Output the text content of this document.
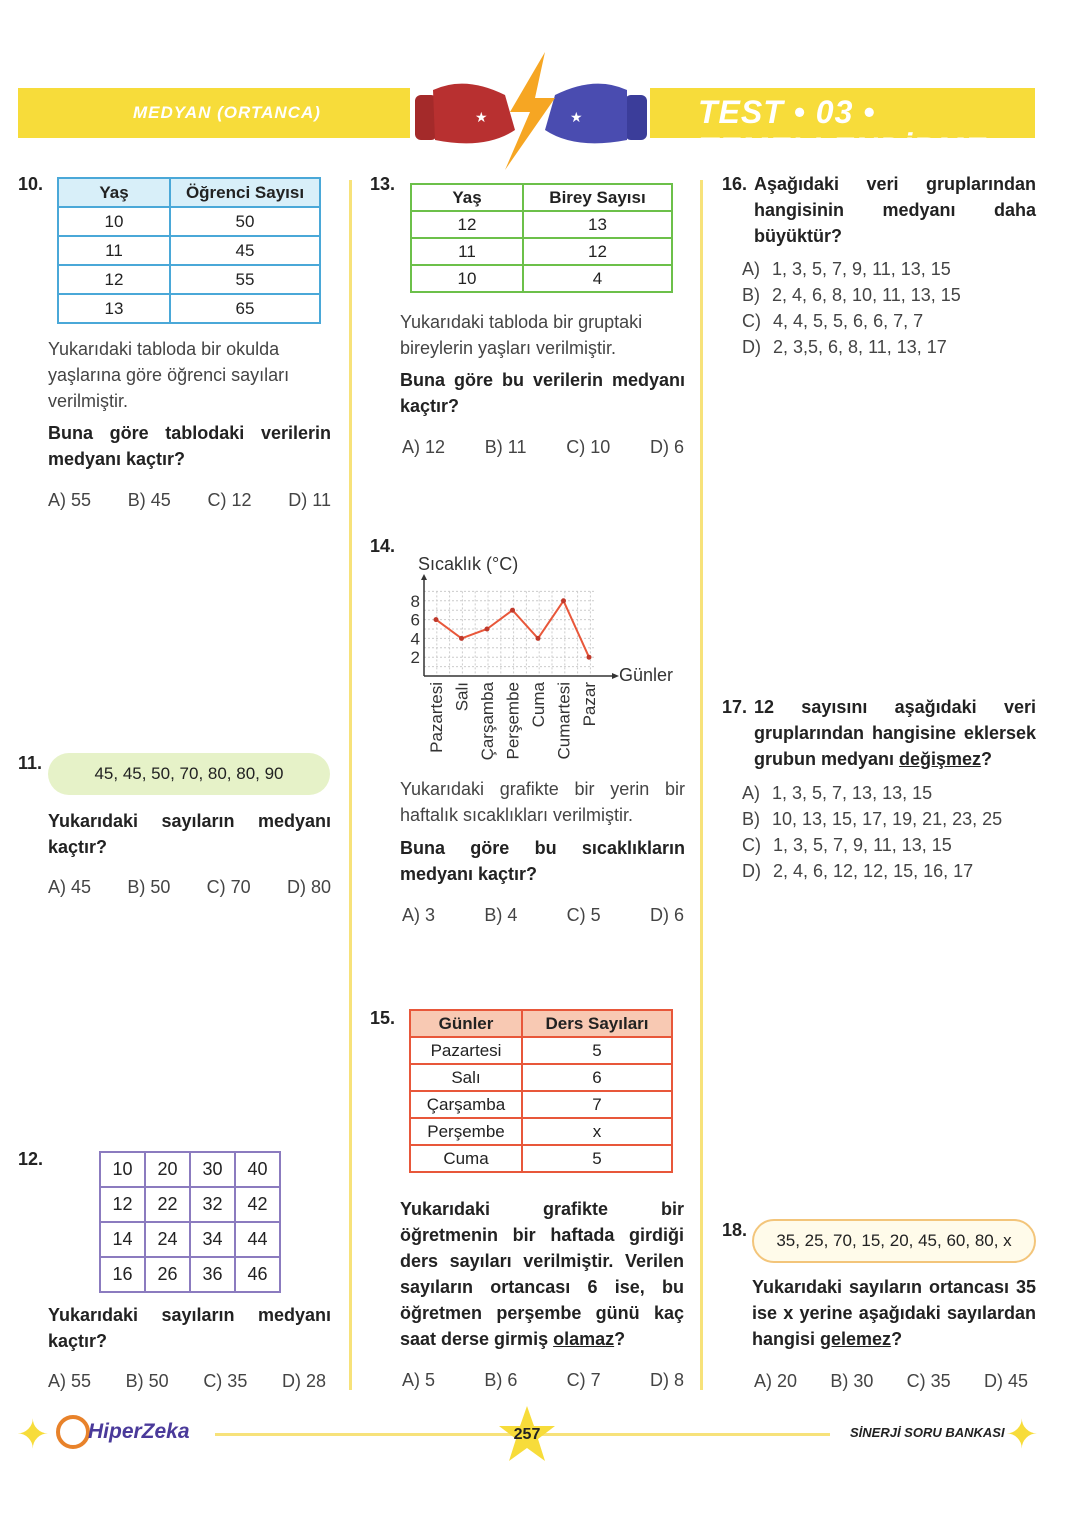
MEDYAN (ORTANCA)	TEST • 03 • TEMELLENDİRME
★	★
10.	Yaş	Öğrenci Sayısı
10	50
11	45
12	55
13	65
Yukarıdaki tabloda bir okulda yaşlarına göre öğrenci sayıları verilmiştir.
Buna göre tablodaki verilerin medyanı kaçtır?
A) 55 B) 45 C) 12 D) 11
11.
45, 45, 50, 70, 80, 80, 90
Yukarıdaki sayıların medyanı kaçtır?
A) 45 B) 50 C) 70 D) 80
12.	10	20	30	40
12	22	32	42
14	24	34	44
16	26	36	46
Yukarıdaki sayıların medyanı kaçtır?
A) 55 B) 50 C) 35 D) 28
13.
Yaş	Birey Sayısı
12	13
11	12
10	4
Yukarıdaki tabloda bir gruptaki bireylerin yaşları verilmiştir.
Buna göre bu verilerin medyanı kaçtır?
A) 12 B) 11 C) 10 D) 6
14.
Sıcaklık (°C)
Günler
2
4
6
8
Pazartesi Salı Çarşamba Perşembe Cuma Cumartesi Pazar
Yukarıdaki grafikte bir yerin bir haftalık sıcaklıkları verilmiştir.
Buna göre bu sıcaklıkların medyanı kaçtır?
A) 3	B) 4	C) 5	D) 6
15.	Günler	Ders Sayıları
Pazartesi	5
Salı	6
Çarşamba	7
Perşembe	x
Cuma	5
Yukarıdaki grafikte bir öğretmenin bir haftada girdiği ders sayıları verilmiştir. Verilen sayıların ortancası 6 ise, bu öğretmen perşembe günü kaç saat derse girmiş olamaz?
A) 5	B) 6	C) 7	D) 8
16. Aşağıdaki veri gruplarından hangisinin medyanı daha büyüktür?
A) 1, 3, 5, 7, 9, 11, 13, 15
B) 2, 4, 6, 8, 10, 11, 13, 15
C) 4, 4, 5, 5, 6, 6, 7, 7
D) 2, 3,5, 6, 8, 11, 13, 17
17. 12 sayısını aşağıdaki veri gruplarından hangisine eklersek grubun medyanı değişmez?
A) 1, 3, 5, 7, 13, 13, 15
B) 10, 13, 15, 17, 19, 21, 23, 25
C) 1, 3, 5, 7, 9, 11, 13, 15
D) 2, 4, 6, 12, 12, 15, 16, 17
18.
35, 25, 70, 15, 20, 45, 60, 80, x
Yukarıdaki sayıların ortancası 35 ise x yerine aşağıdaki sayılardan hangisi gelemez?
A) 20 B) 30 C) 35 D) 45
✦	✦
HiperZeka	257	SİNERJİ SORU BANKASI
